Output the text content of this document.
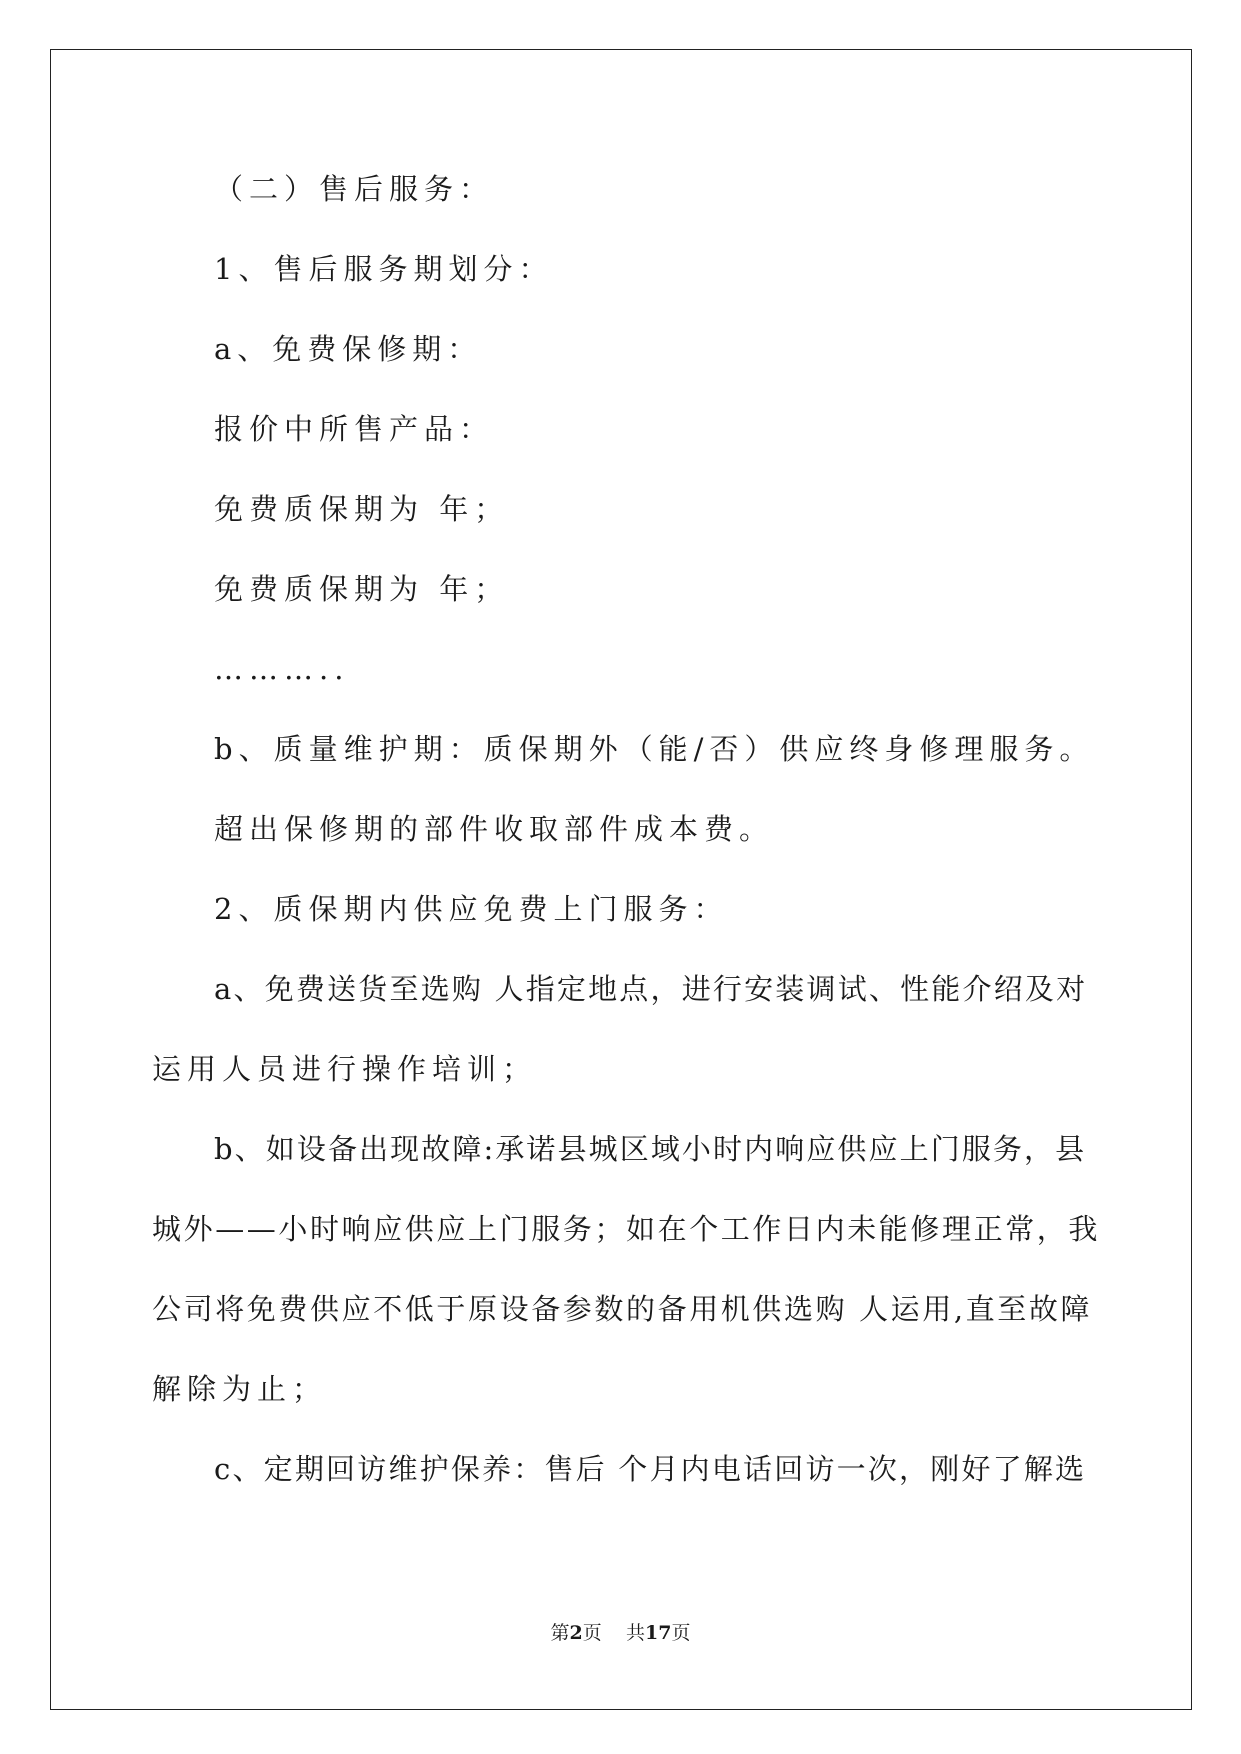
（二）售后服务：
1、售后服务期划分：
a、免费保修期：
报价中所售产品：
免费质保期为 年；
免费质保期为 年；
………..
b、质量维护期：质保期外（能/否）供应终身修理服务。
超出保修期的部件收取部件成本费。
2、质保期内供应免费上门服务：
a、免费送货至选购 人指定地点，进行安装调试、性能介绍及对
运用人员进行操作培训；
b、如设备出现故障:承诺县城区域小时内响应供应上门服务，县
城外——小时响应供应上门服务；如在个工作日内未能修理正常，我
公司将免费供应不低于原设备参数的备用机供选购 人运用,直至故障
解除为止；
c、定期回访维护保养：售后 个月内电话回访一次，刚好了解选
第2页 共17页
